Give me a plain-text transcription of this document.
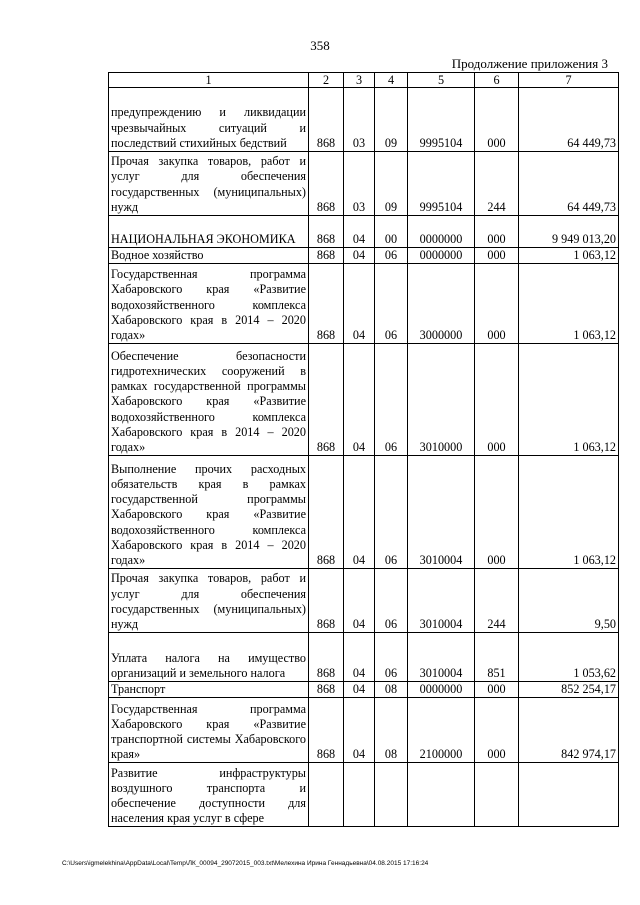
358
Продолжение приложения 3
1	2	3	4	5	6	7
предупреждению и ликвидации чрезвычайных ситуаций и последствий стихийных бедствий	868	03	09	9995104	000	64 449,73
Прочая закупка товаров, работ и услуг для обеспечения государственных (муниципальных) нужд	868	03	09	9995104	244	64 449,73
НАЦИОНАЛЬНАЯ ЭКОНОМИКА	868	04	00	0000000	000	9 949 013,20
Водное хозяйство	868	04	06	0000000	000	1 063,12
Государственная программа Хабаровского края «Развитие водохозяйственного комплекса Хабаровского края в 2014 – 2020 годах»	868	04	06	3000000	000	1 063,12
Обеспечение безопасности гидротехнических сооружений в рамках государственной программы Хабаровского края «Развитие водохозяйственного комплекса Хабаровского края в 2014 – 2020 годах»	868	04	06	3010000	000	1 063,12
Выполнение прочих расходных обязательств края в рамках государственной программы Хабаровского края «Развитие водохозяйственного комплекса Хабаровского края в 2014 – 2020 годах»	868	04	06	3010004	000	1 063,12
Прочая закупка товаров, работ и услуг для обеспечения государственных (муниципальных) нужд	868	04	06	3010004	244	9,50
Уплата налога на имущество организаций и земельного налога	868	04	06	3010004	851	1 053,62
Транспорт	868	04	08	0000000	000	852 254,17
Государственная программа Хабаровского края «Развитие транспортной системы Хабаровского края»	868	04	08	2100000	000	842 974,17
Развитие инфраструктуры воздушного транспорта и обеспечение доступности для населения края услуг в сфере						
C:\Users\igmelekhina\AppData\Local\Temp\ЛК_00094_29072015_003.txt\Мелехина Ирина Геннадьевна\04.08.2015 17:16:24
